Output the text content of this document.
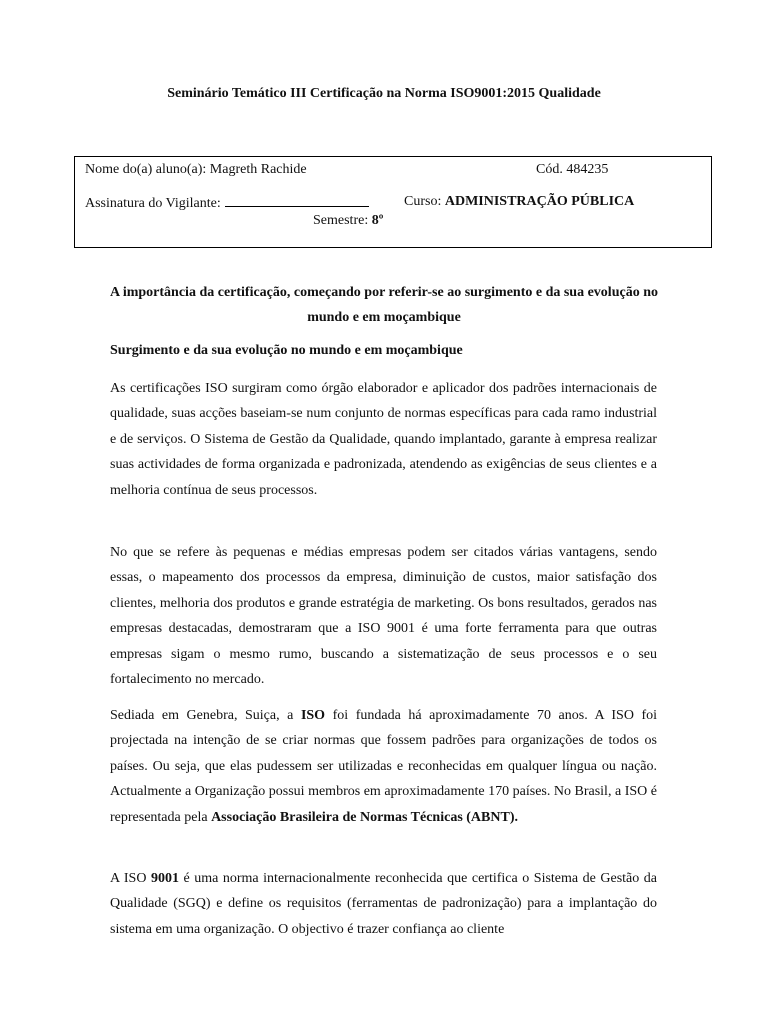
Seminário Temático III Certificação na Norma ISO9001:2015 Qualidade
Nome do(a) aluno(a): Magreth Rachide	Cód. 484235
Assinatura do Vigilante:	Curso: ADMINISTRAÇÃO PÚBLICA
Semestre: 8º
A importância da certificação, começando por referir-se ao surgimento e da sua evolução no mundo e em moçambique
Surgimento e da sua evolução no mundo e em moçambique

As certificações ISO surgiram como órgão elaborador e aplicador dos padrões internacionais de qualidade, suas acções baseiam-se num conjunto de normas específicas para cada ramo industrial e de serviços. O Sistema de Gestão da Qualidade, quando implantado, garante à empresa realizar suas actividades de forma organizada e padronizada, atendendo as exigências de seus clientes e a melhoria contínua de seus processos.

No que se refere às pequenas e médias empresas podem ser citados várias vantagens, sendo essas, o mapeamento dos processos da empresa, diminuição de custos, maior satisfação dos clientes, melhoria dos produtos e grande estratégia de marketing. Os bons resultados, gerados nas empresas destacadas, demostraram que a ISO 9001 é uma forte ferramenta para que outras empresas sigam o mesmo rumo, buscando a sistematização de seus processos e o seu fortalecimento no mercado.

Sediada em Genebra, Suiça, a ISO foi fundada há aproximadamente 70 anos. A ISO foi projectada na intenção de se criar normas que fossem padrões para organizações de todos os países. Ou seja, que elas pudessem ser utilizadas e reconhecidas em qualquer língua ou nação. Actualmente a Organização possui membros em aproximadamente 170 países. No Brasil, a ISO é representada pela Associação Brasileira de Normas Técnicas (ABNT).

A ISO 9001 é uma norma internacionalmente reconhecida que certifica o Sistema de Gestão da Qualidade (SGQ) e define os requisitos (ferramentas de padronização) para a implantação do sistema em uma organização. O objectivo é trazer confiança ao cliente
